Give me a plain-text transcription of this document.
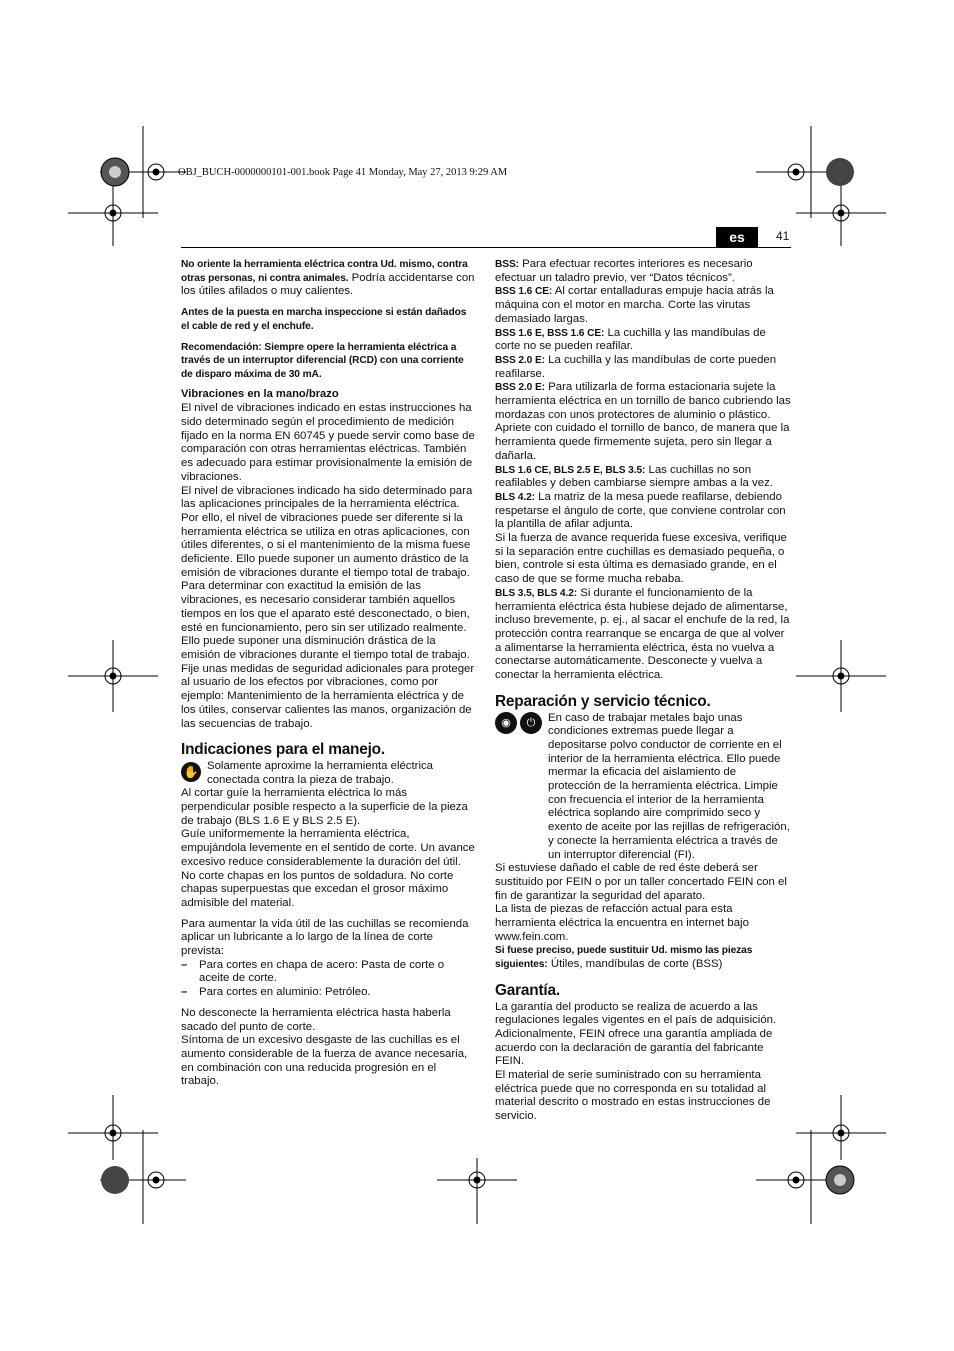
OBJ_BUCH-0000000101-001.book Page 41 Monday, May 27, 2013 9:29 AM
es	41

No oriente la herramienta eléctrica contra Ud. mismo, contra otras personas, ni contra animales. Podría accidentarse con los útiles afilados o muy calientes.

Antes de la puesta en marcha inspeccione si están dañados el cable de red y el enchufe.

Recomendación: Siempre opere la herramienta eléctrica a través de un interruptor diferencial (RCD) con una corriente de disparo máxima de 30 mA.

Vibraciones en la mano/brazo

El nivel de vibraciones indicado en estas instrucciones ha sido determinado según el procedimiento de medición fijado en la norma EN 60745 y puede servir como base de comparación con otras herramientas eléctricas. También es adecuado para estimar provisionalmente la emisión de vibraciones.

El nivel de vibraciones indicado ha sido determinado para las aplicaciones principales de la herramienta eléctrica. Por ello, el nivel de vibraciones puede ser diferente si la herramienta eléctrica se utiliza en otras aplicaciones, con útiles diferentes, o si el mantenimiento de la misma fuese deficiente. Ello puede suponer un aumento drástico de la emisión de vibraciones durante el tiempo total de trabajo. Para determinar con exactitud la emisión de las vibraciones, es necesario considerar también aquellos tiempos en los que el aparato esté desconectado, o bien, esté en funcionamiento, pero sin ser utilizado realmente. Ello puede suponer una disminución drástica de la emisión de vibraciones durante el tiempo total de trabajo.

Fije unas medidas de seguridad adicionales para proteger al usuario de los efectos por vibraciones, como por ejemplo: Mantenimiento de la herramienta eléctrica y de los útiles, conservar calientes las manos, organización de las secuencias de trabajo.

Indicaciones para el manejo.
✋ Solamente aproxime la herramienta eléctrica conectada contra la pieza de trabajo.

Al cortar guíe la herramienta eléctrica lo más perpendicular posible respecto a la superficie de la pieza de trabajo (BLS 1.6 E y BLS 2.5 E).

Guíe uniformemente la herramienta eléctrica, empujándola levemente en el sentido de corte. Un avance excesivo reduce considerablemente la duración del útil.

No corte chapas en los puntos de soldadura. No corte chapas superpuestas que excedan el grosor máximo admisible del material.

Para aumentar la vida útil de las cuchillas se recomienda aplicar un lubricante a lo largo de la línea de corte prevista:

–	Para cortes en chapa de acero: Pasta de corte o aceite de corte.
–	Para cortes en aluminio: Petróleo.

No desconecte la herramienta eléctrica hasta haberla sacado del punto de corte.

Síntoma de un excesivo desgaste de las cuchillas es el aumento considerable de la fuerza de avance necesaria, en combinación con una reducida progresión en el trabajo.

BSS: Para efectuar recortes interiores es necesario efectuar un taladro previo, ver “Datos técnicos”.

BSS 1.6 CE: Al cortar entalladuras empuje hacia atrás la máquina con el motor en marcha. Corte las virutas demasiado largas.

BSS 1.6 E, BSS 1.6 CE: La cuchilla y las mandíbulas de corte no se pueden reafilar.

BSS 2.0 E: La cuchilla y las mandíbulas de corte pueden reafilarse.

BSS 2.0 E: Para utilizarla de forma estacionaria sujete la herramienta eléctrica en un tornillo de banco cubriendo las mordazas con unos protectores de aluminio o plástico. Apriete con cuidado el tornillo de banco, de manera que la herramienta quede firmemente sujeta, pero sin llegar a dañarla.

BLS 1.6 CE, BLS 2.5 E, BLS 3.5: Las cuchillas no son reafilables y deben cambiarse siempre ambas a la vez.

BLS 4.2: La matriz de la mesa puede reafilarse, debiendo respetarse el ángulo de corte, que conviene controlar con la plantilla de afilar adjunta.

Si la fuerza de avance requerida fuese excesiva, verifique si la separación entre cuchillas es demasiado pequeña, o bien, controle si esta última es demasiado grande, en el caso de que se forme mucha rebaba.

BLS 3.5, BLS 4.2: Si durante el funcionamiento de la herramienta eléctrica ésta hubiese dejado de alimentarse, incluso brevemente, p. ej., al sacar el enchufe de la red, la protección contra rearranque se encarga de que al volver a alimentarse la herramienta eléctrica, ésta no vuelva a conectarse automáticamente. Desconecte y vuelva a conectar la herramienta eléctrica.

Reparación y servicio técnico.
◉	⏻	En caso de trabajar metales bajo unas condiciones extremas puede llegar a depositarse polvo conductor de corriente en el interior de la herramienta eléctrica. Ello puede mermar la eficacia del aislamiento de protección de la herramienta eléctrica. Limpie con frecuencia el interior de la herramienta eléctrica soplando aire comprimido seco y exento de aceite por las rejillas de refrigeración, y conecte la herramienta eléctrica a través de un interruptor diferencial (FI).

Si estuviese dañado el cable de red éste deberá ser sustituido por FEIN o por un taller concertado FEIN con el fin de garantizar la seguridad del aparato.

La lista de piezas de refacción actual para esta herramienta eléctrica la encuentra en internet bajo www.fein.com.

Si fuese preciso, puede sustituir Ud. mismo las piezas siguientes: Útiles, mandíbulas de corte (BSS)

Garantía.

La garantía del producto se realiza de acuerdo a las regulaciones legales vigentes en el país de adquisición. Adicionalmente, FEIN ofrece una garantía ampliada de acuerdo con la declaración de garantía del fabricante FEIN.

El material de serie suministrado con su herramienta eléctrica puede que no corresponda en su totalidad al material descrito o mostrado en estas instrucciones de servicio.
